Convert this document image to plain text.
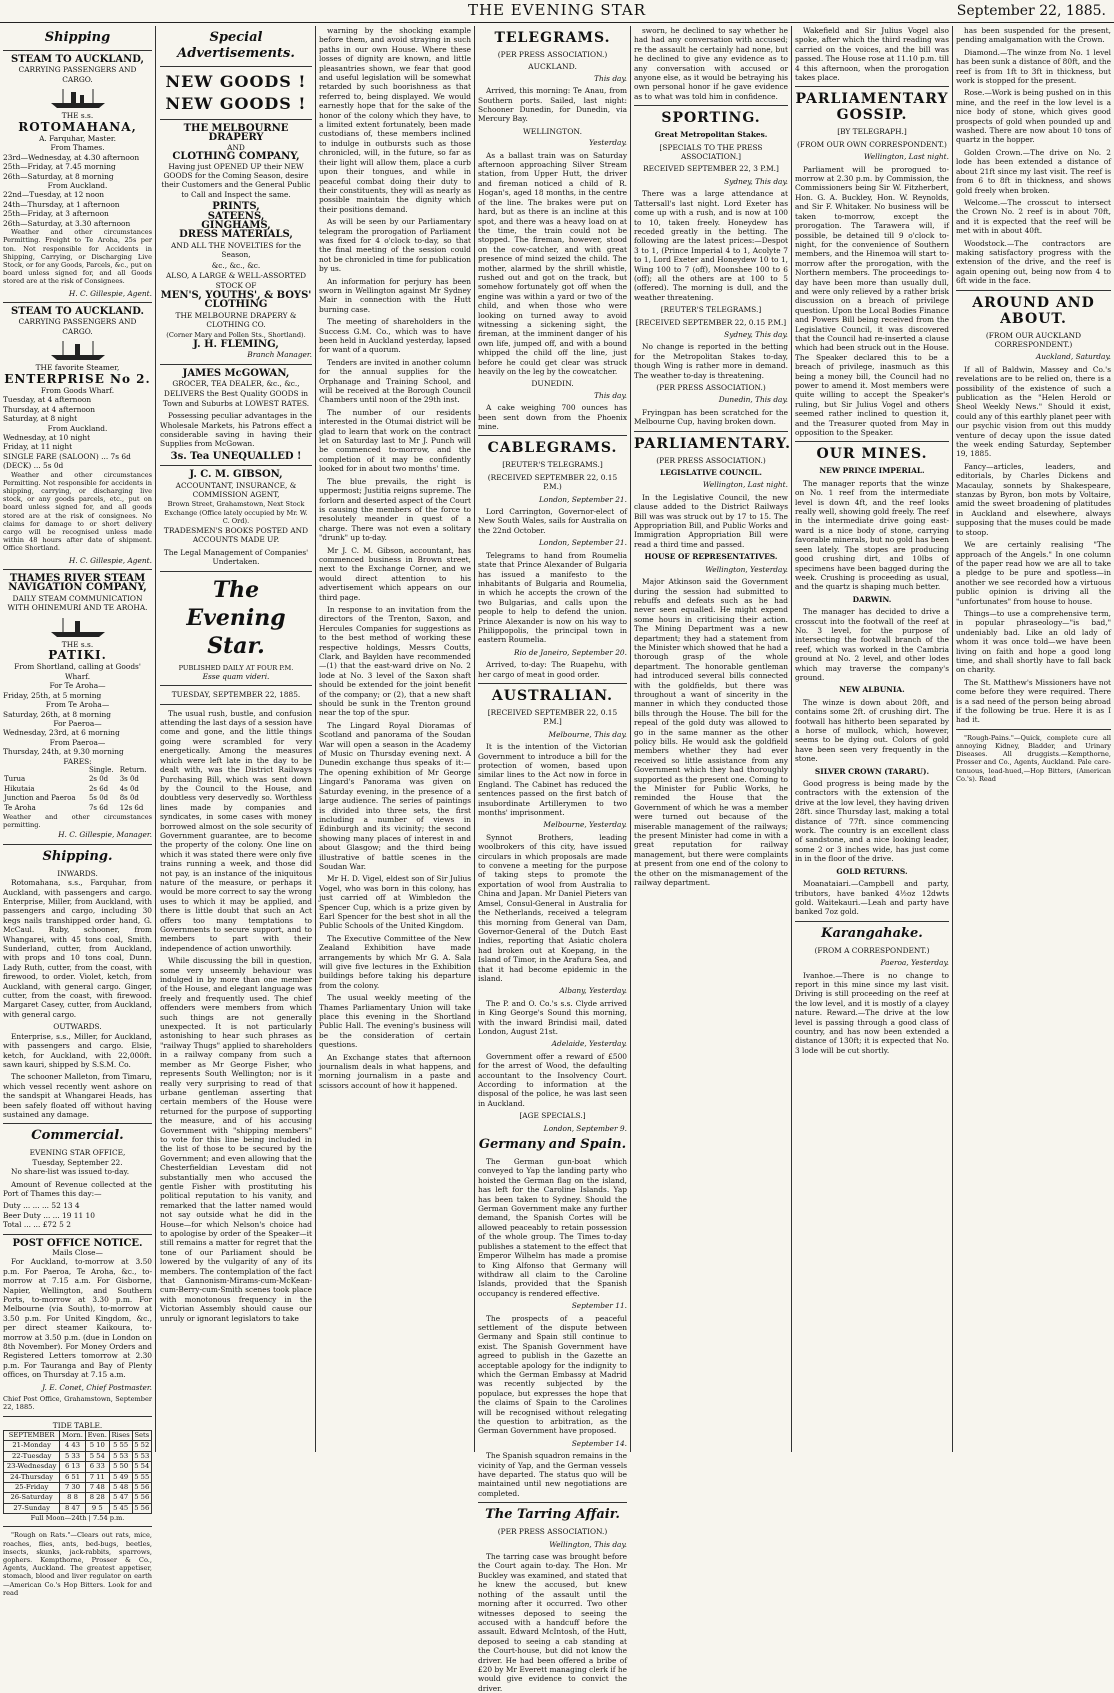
THE EVENING STAR	September 22, 1885.
Shipping
STEAM TO AUCKLAND,
CARRYING PASSENGERS AND CARGO.
THE s.s.
ROTOMAHANA,
A. Farquhar, Master.
From Thames.
23rd—Wednesday, at 4.30 afternoon
25th—Friday, at 7.45 morning
26th—Saturday, at 8 morning
From Auckland.
22nd—Tuesday, at 12 noon
24th—Thursday, at 1 afternoon
25th—Friday, at 3 afternoon
26th—Saturday, at 3.30 afternoon

Weather and other circumstances Permitting. Freight to Te Aroha, 25s per ton. Not responsible for Accidents in Shipping, Carrying, or Discharging Live Stock, or for any Goods, Parcels, &c., put on board unless signed for, and all Goods stored are at the risk of Consignees.

H. C. Gillespie, Agent.
STEAM TO AUCKLAND.
CARRYING PASSENGERS AND CARGO.
THE favorite Steamer,
ENTERPRISE No 2.
From Goods Wharf.
Tuesday, at 4 afternoon
Thursday, at 4 afternoon
Saturday, at 8 night
From Auckland.
Wednesday, at 10 night
Friday, at 11 night
SINGLE FARE (SALOON) ... 7s 6d
(DECK) ... 5s 0d

Weather and other circumstances Permitting. Not responsible for accidents in shipping, carrying, or discharging live stock, or any goods parcels, etc., put on board unless signed for, and all goods stored are at the risk of consignees. No claims for damage to or short delivery cargo will be recognised unless made within 48 hours after date of shipment. Office Shortland.

H. C. Gillespie, Agent.
THAMES RIVER STEAM NAVIGATION COMPANY,
DAILY STEAM COMMUNICATION WITH OHINEMURI AND TE AROHA.
THE s.s.
PATIKI.
From Shortland, calling at Goods' Wharf.
For Te Aroha—
Friday, 25th, at 5 morning
From Te Aroha—
Saturday, 26th, at 8 morning
For Paeroa—
Wednesday, 23rd, at 6 morning
From Paeroa—
Thursday, 24th, at 9.30 morning
FARES:
	Single.	Return.
Turua	2s 0d	3s 0d
Hikutaia	2s 6d	4s 0d
Junction and Paeroa	5s 0d	8s 0d
Te Aroha	7s 6d	12s 6d
Weather and other circumstances permitting.
H. C. Gillespie, Manager.
Shipping.
INWARDS.

Rotomahana, s.s., Farquhar, from Auckland, with passengers and cargo. Enterprise, Miller, from Auckland, with passengers and cargo, including 30 kegs nails transhipped order hand, G. McCaul. Ruby, schooner, from Whangarei, with 45 tons coal, Smith. Sunderland, cutter, from Auckland, with props and 10 tons coal, Dunn. Lady Ruth, cutter, from the coast, with firewood, to order. Violet, ketch, from Auckland, with general cargo. Ginger, cutter, from the coast, with firewood. Margaret Casey, cutter, from Auckland, with general cargo.

OUTWARDS.

Enterprise, s.s., Miller, for Auckland, with passengers and cargo. Elsie, ketch, for Auckland, with 22,000ft. sawn kauri, shipped by S.S.M. Co.

The schooner Malleton, from Timaru, which vessel recently went ashore on the sandspit at Whangarei Heads, has been safely floated off without having sustained any damage.

Commercial.
EVENING STAR OFFICE,
Tuesday, September 22.

No share-list was issued to-day.

Amount of Revenue collected at the Port of Thames this day:—

Duty ... ... ... 52 13 4
Beer Duty ... ... 19 11 10
Total ... ... £72 5 2
POST OFFICE NOTICE.
Mails Close—

For Auckland, to-morrow at 3.50 p.m. For Paeroa, Te Aroha, &c., to-morrow at 7.15 a.m. For Gisborne, Napier, Wellington, and Southern Ports, to-morrow at 3.30 p.m. For Melbourne (via South), to-morrow at 3.50 p.m. For United Kingdom, &c., per direct steamer Kaikoura, to-morrow at 3.50 p.m. (due in London on 8th November). For Money Orders and Registered Letters tomorrow at 2.30 p.m. For Tauranga and Bay of Plenty offices, on Thursday at 7.15 a.m.

J. E. Conet, Chief Postmaster.
Chief Post Office, Grahamstown, September 22, 1885.
TIDE TABLE.
SEPTEMBER	Morn.	Even.	Rises	Sets
21-Monday	4 43	5 10	5 55	5 52
22-Tuesday	5 33	5 54	5 53	5 53
23-Wednesday	6 13	6 33	5 50	5 54
24-Thursday	6 51	7 11	5 49	5 55
25-Friday	7 30	7 48	5 48	5 56
26-Saturday	8 8	8 28	5 47	5 56
27-Sunday	8 47	9 5	5 45	5 56
Full Moon—24th | 7.54 p.m.

"Rough on Rats."—Clears out rats, mice, roaches, flies, ants, bed-bugs, beetles, insects, skunks, jack-rabbits, sparrows, gophers. Kempthorne, Prosser & Co., Agents, Auckland. The greatest appetiser, stomach, blood and liver regulator on earth—American Co.'s Hop Bitters. Look for and read

Special Advertisements.
NEW GOODS ! NEW GOODS !
THE MELBOURNE DRAPERY
AND
CLOTHING COMPANY,

Having just OPENED UP their NEW GOODS for the Coming Season, desire their Customers and the General Public to Call and Inspect the same.

PRINTS,
SATEENS,
GINGHAMS,
DRESS MATERIALS,
AND ALL THE NOVELTIES for the Season,
&c., &c., &c.
ALSO, A LARGE & WELL-ASSORTED STOCK OF
MEN'S, YOUTHS', & BOYS' CLOTHING
THE MELBOURNE DRAPERY & CLOTHING CO.
(Corner Mary and Pollen Sts., Shortland).
J. H. FLEMING,
Branch Manager.
JAMES McGOWAN,
GROCER, TEA DEALER, &c., &c.,

DELIVERS the Best Quality GOODS in Town and Suburbs at LOWEST RATES.

Possessing peculiar advantages in the Wholesale Markets, his Patrons effect a considerable saving in having their Supplies from McGowan.

3s. Tea UNEQUALLED !
J. C. M. GIBSON,
ACCOUNTANT, INSURANCE, & COMMISSION AGENT,
Brown Street, Grahamstown, Next Stock Exchange (Office lately occupied by Mr. W. C. Ord).

TRADESMEN'S BOOKS POSTED AND ACCOUNTS MADE UP.

The Legal Management of Companies' Undertaken.
The Evening Star.
PUBLISHED DAILY AT FOUR P.M.
Esse quam videri.
TUESDAY, SEPTEMBER 22, 1885.

The usual rush, bustle, and confusion attending the last days of a session have come and gone, and the little things going were scrambled for very energetically. Among the measures which were left late in the day to be dealt with, was the District Railways Purchasing Bill, which was sent down by the Council to the House, and doubtless very deservedly so. Worthless lines made by companies and syndicates, in some cases with money borrowed almost on the sole security of Government guarantee, are to become the property of the colony. One line on which it was stated there were only five trains running a week, and those did not pay, is an instance of the iniquitous nature of the measure, or perhaps it would be more correct to say the wrong uses to which it may be applied, and there is little doubt that such an Act offers too many temptations to Governments to secure support, and to members to part with their independence of action unworthily.

While discussing the bill in question, some very unseemly behaviour was indulged in by more than one member of the House, and elegant language was freely and frequently used. The chief offenders were members from which such things are not generally unexpected. It is not particularly astonishing to hear such phrases as "railway Thugs" applied to shareholders in a railway company from such a member as Mr George Fisher, who represents South Wellington; nor is it really very surprising to read of that urbane gentleman asserting that certain members of the House were returned for the purpose of supporting the measure, and of his accusing Government with "shipping members" to vote for this line being included in the list of those to be secured by the Government; and even allowing that the Chesterfieldian Levestam did not substantially men who accused the gentle Fisher with prostituting his political reputation to his vanity, and remarked that the latter named would not say outside what he did in the House—for which Nelson's choice had to apologise by order of the Speaker—it still remains a matter for regret that the tone of our Parliament should be lowered by the vulgarity of any of its members. The contemplation of the fact that Gannonism-Mirams-cum-McKean-cum-Berry-cum-Smith scenes took place with monotonous frequency in the Victorian Assembly should cause our unruly or ignorant legislators to take

warning by the shocking example before them, and avoid straying in such paths in our own House. Where these losses of dignity are known, and little pleasantries shown, we fear that good and useful legislation will be somewhat retarded by such boorishness as that referred to, being displayed. We would earnestly hope that for the sake of the honor of the colony which they have, to a limited extent fortunately, been made custodians of, these members inclined to indulge in outbursts such as those chronicled, will, in the future, so far as their light will allow them, place a curb upon their tongues, and while in peaceful combat doing their duty to their constituents, they will as nearly as possible maintain the dignity which their positions demand.

As will be seen by our Parliamentary telegram the prorogation of Parliament was fixed for 4 o'clock to-day, so that the final meeting of the session could not be chronicled in time for publication by us.

An information for perjury has been sworn in Wellington against Mr Sydney Mair in connection with the Hutt burning case.

The meeting of shareholders in the Success G.M. Co., which was to have been held in Auckland yesterday, lapsed for want of a quorum.

Tenders are invited in another column for the annual supplies for the Orphanage and Training School, and will be received at the Borough Council Chambers until noon of the 29th inst.

The number of our residents interested in the Otumai district will be glad to learn that work on the contract let on Saturday last to Mr J. Punch will be commenced to-morrow, and the completion of it may be confidently looked for in about two months' time.

The blue prevails, the right is uppermost; Justitia reigns supreme. The forlorn and deserted aspect of the Court is causing the members of the force to resolutely meander in quest of a charge. There was not even a solitary "drunk" up to-day.

Mr J. C. M. Gibson, accountant, has commenced business in Brown street, next to the Exchange Corner, and we would direct attention to his advertisement which appears on our third page.

In response to an invitation from the directors of the Trenton, Saxon, and Hercules Companies for suggestions as to the best method of working these respective holdings, Messrs Coutts, Clark, and Baylden have recommended—(1) that the east-ward drive on No. 2 lode at No. 3 level of the Saxon shaft should be extended for the joint benefit of the company; or (2), that a new shaft should be sunk in the Trenton ground near the top of the spur.

The Lingard Royal Dioramas of Scotland and panorama of the Soudan War will open a season in the Academy of Music on Thursday evening next. A Dunedin exchange thus speaks of it:—The opening exhibition of Mr George Lingard's Panorama was given on Saturday evening, in the presence of a large audience. The series of paintings is divided into three sets, the first including a number of views in Edinburgh and its vicinity; the second showing many places of interest in and about Glasgow; and the third being illustrative of battle scenes in the Soudan War.

Mr H. D. Vigel, eldest son of Sir Julius Vogel, who was born in this colony, has just carried off at Wimbledon the Spencer Cup, which is a prize given by Earl Spencer for the best shot in all the Public Schools of the United Kingdom.

The Executive Committee of the New Zealand Exhibition have made arrangements by which Mr G. A. Sala will give five lectures in the Exhibition buildings before taking his departure from the colony.

The usual weekly meeting of the Thames Parliamentary Union will take place this evening in the Shortland Public Hall. The evening's business will be the consideration of certain questions.

An Exchange states that afternoon journalism deals in what happens, and morning journalism in a paste and scissors account of how it happened.

TELEGRAMS.
(PER PRESS ASSOCIATION.)
AUCKLAND.
This day.

Arrived, this morning: Te Anau, from Southern ports. Sailed, last night: Schooner Dunedin, for Dunedin, via Mercury Bay.

WELLINGTON.
Yesterday.

As a ballast train was on Saturday afternoon approaching Silver Stream station, from Upper Hutt, the driver and fireman noticed a child of R. Hogan's, aged 18 months, in the centre of the line. The brakes were put on hard, but as there is an incline at this spot, and there was a heavy load on at the time, the train could not be stopped. The fireman, however, stood on the cow-catcher, and with great presence of mind seized the child. The mother, alarmed by the shrill whistle, rushed out and got on the track, but somehow fortunately got off when the engine was within a yard or two of the child, and when those who were looking on turned away to avoid witnessing a sickening sight, the fireman, at the imminent danger of his own life, jumped off, and with a bound whipped the child off the line, just before he could get clear was struck heavily on the leg by the cowcatcher.

DUNEDIN.
This day.

A cake weighing 700 ounces has been sent down from the Phoenix mine.

CABLEGRAMS.
[REUTER'S TELEGRAMS.]
(RECEIVED SEPTEMBER 22, 0.15 P.M.)
London, September 21.

Lord Carrington, Governor-elect of New South Wales, sails for Australia on the 22nd October.

London, September 21.

Telegrams to hand from Roumelia state that Prince Alexander of Bulgaria has issued a manifesto to the inhabitants of Bulgaria and Roumelia, in which he accepts the crown of the two Bulgarias, and calls upon the people to help to defend the union. Prince Alexander is now on his way to Philippopolis, the principal town in eastern Roumelia.

Rio de Janeiro, September 20.

Arrived, to-day: The Ruapehu, with her cargo of meat in good order.

AUSTRALIAN.
[RECEIVED SEPTEMBER 22, 0.15 P.M.]
Melbourne, This day.

It is the intention of the Victorian Government to introduce a bill for the protection of women, based upon similar lines to the Act now in force in England. The Cabinet has reduced the sentences passed on the first batch of insubordinate Artillerymen to two months' imprisonment.

Melbourne, Yesterday.

Synnot Brothers, leading woolbrokers of this city, have issued circulars in which proposals are made to convene a meeting for the purpose of taking steps to promote the exportation of wool from Australia to China and Japan. Mr Daniel Pieters van Amsel, Consul-General in Australia for the Netherlands, received a telegram this morning from General van Dam, Governor-General of the Dutch East Indies, reporting that Asiatic cholera had broken out at Koepang, in the Island of Timor, in the Arafura Sea, and that it had become epidemic in the island.

Albany, Yesterday.

The P. and O. Co.'s s.s. Clyde arrived in King George's Sound this morning, with the inward Brindisi mail, dated London, August 21st.

Adelaide, Yesterday.

Government offer a reward of £500 for the arrest of Wood, the defaulting accountant to the Insolvency Court. According to information at the disposal of the police, he was last seen in Auckland.

[AGE SPECIALS.]
London, September 9.
Germany and Spain.

The German gun-boat which conveyed to Yap the landing party who hoisted the German flag on the island, has left for the Caroline Islands. Yap has been taken to Sydney. Should the German Government make any further demand, the Spanish Cortes will be allowed peaceably to retain possession of the whole group. The Times to-day publishes a statement to the effect that Emperor Wilhelm has made a promise to King Alfonso that Germany will withdraw all claim to the Caroline Islands, provided that the Spanish occupancy is rendered effective.

September 11.

The prospects of a peaceful settlement of the dispute between Germany and Spain still continue to exist. The Spanish Government have agreed to publish in the Gazette an acceptable apology for the indignity to which the German Embassy at Madrid was recently subjected by the populace, but expresses the hope that the claims of Spain to the Carolines will be recognised without relegating the question to arbitration, as the German Government have proposed.

September 14.

The Spanish squadron remains in the vicinity of Yap, and the German vessels have departed. The status quo will be maintained until new negotiations are completed.

The Tarring Affair.
(PER PRESS ASSOCIATION.)
Wellington, This day.

The tarring case was brought before the Court again to-day. The Hon. Mr Buckley was examined, and stated that he knew the accused, but knew nothing of the assault until the morning after it occurred. Two other witnesses deposed to seeing the accused with a handcuff before the assault. Edward McIntosh, of the Hutt, deposed to seeing a cab standing at the Court-house, but did not know the driver. He had been offered a bribe of £20 by Mr Everett managing clerk if he would give evidence to convict the driver.

sworn, he declined to say whether he had had any conversation with accused; re the assault he certainly had none, but he declined to give any evidence as to any conversation with accused or anyone else, as it would be betraying his own personal honor if he gave evidence as to what was told him in confidence.

SPORTING.
Great Metropolitan Stakes.
[SPECIALS TO THE PRESS ASSOCIATION.]
RECEIVED SEPTEMBER 22, 3 P.M.]
Sydney, This day.

There was a large attendance at Tattersall's last night. Lord Exeter has come up with a rush, and is now at 100 to 10, taken freely. Honeydew has receded greatly in the betting. The following are the latest prices:—Despot 3 to 1, (Prince Imperial 4 to 1, Acolyte 7 to 1, Lord Exeter and Honeydew 10 to 1, Wing 100 to 7 (off), Moonshee 100 to 6 (off); all the others are at 100 to 5 (offered). The morning is dull, and the weather threatening.

[REUTER'S TELEGRAMS.]
[RECEIVED SEPTEMBER 22, 0.15 P.M.]
Sydney, This day.

No change is reported in the betting for the Metropolitan Stakes to-day, though Wing is rather more in demand. The weather to-day is threatening.

(PER PRESS ASSOCIATION.)
Dunedin, This day.

Fryingpan has been scratched for the Melbourne Cup, having broken down.

PARLIAMENTARY.
(PER PRESS ASSOCIATION.)
LEGISLATIVE COUNCIL.
Wellington, Last night.

In the Legislative Council, the new clause added to the District Railways Bill was was struck out by 17 to 15. The Appropriation Bill, and Public Works and Immigration Appropriation Bill were read a third time and passed.

HOUSE OF REPRESENTATIVES.
Wellington, Yesterday.

Major Atkinson said the Government during the session had submitted to rebuffs and defeats such as he had never seen equalled. He might expend some hours in criticising their action. The Mining Department was a new department; they had a statement from the Minister which showed that he had a thorough grasp of the whole department. The honorable gentleman had introduced several bills connected with the goldfields, but there was throughout a want of sincerity in the manner in which they conducted those bills through the House. The bill for the repeal of the gold duty was allowed to go in the same manner as the other policy bills. He would ask the goldfield members whether they had ever received so little assistance from any Government which they had thoroughly supported as the present one. Coming to the Minister for Public Works, he reminded the House that the Government of which he was a member were turned out because of the miserable management of the railways; the present Minister had come in with a great reputation for railway management, but there were complaints at present from one end of the colony to the other on the mismanagement of the railway department.

Wakefield and Sir Julius Vogel also spoke, after which the third reading was carried on the voices, and the bill was passed. The House rose at 11.10 p.m. till 4 this afternoon, when the prorogation takes place.

PARLIAMENTARY GOSSIP.
[BY TELEGRAPH.]
(FROM OUR OWN CORRESPONDENT.)
Wellington, Last night.

Parliament will be prorogued to-morrow at 2.30 p.m. by Commission, the Commissioners being Sir W. Fitzherbert, Hon. G. A. Buckley, Hon. W. Reynolds, and Sir F. Whitaker. No business will be taken to-morrow, except the prorogation. The Tarawera will, if possible, be detained till 9 o'clock to-night, for the convenience of Southern members, and the Hinemoa will start to-morrow after the prorogation, with the Northern members. The proceedings to-day have been more than usually dull, and were only relieved by a rather brisk discussion on a breach of privilege question. Upon the Local Bodies Finance and Powers Bill being received from the Legislative Council, it was discovered that the Council had re-inserted a clause which had been struck out in the House. The Speaker declared this to be a breach of privilege, inasmuch as this being a money bill, the Council had no power to amend it. Most members were quite willing to accept the Speaker's ruling, but Sir Julius Vogel and others seemed rather inclined to question it, and the Treasurer quoted from May in opposition to the Speaker.

OUR MINES.
NEW PRINCE IMPERIAL.

The manager reports that the winze on No. 1 reef from the intermediate level is down 4ft, and the reef looks really well, showing gold freely. The reef in the intermediate drive going east-ward is a nice body of stone, carrying favorable minerals, but no gold has been seen lately. The stopes are producing good crushing dirt, and 10lbs of specimens have been bagged during the week. Crushing is proceeding as usual, and the quartz is shaping much better.

DARWIN.

The manager has decided to drive a crosscut into the footwall of the reef at No. 3 level, for the purpose of intersecting the footwall branch of the reef, which was worked in the Cambria ground at No. 2 level, and other lodes which may traverse the company's ground.

NEW ALBUNIA.

The winze is down about 20ft, and contains some 2ft. of crushing dirt. The footwall has hitherto been separated by a horse of mullock, which, however, seems to be dying out. Colors of gold have been seen very frequently in the stone.

SILVER CROWN (TARARU).

Good progress is being made by the contractors with the extension of the drive at the low level, they having driven 28ft. since Thursday last, making a total distance of 77ft. since commencing work. The country is an excellent class of sandstone, and a nice looking leader, some 2 or 3 inches wide, has just come in in the floor of the drive.

GOLD RETURNS.

Moanataiari.—Campbell and party, tributors, have banked 4½oz 12dwts gold. Waitekauri.—Leah and party have banked 7oz gold.

Karangahake.
(FROM A CORRESPONDENT.)
Paeroa, Yesterday.

Ivanhoe.—There is no change to report in this mine since my last visit. Driving is still proceeding on the reef at the low level, and it is mostly of a clayey nature. Reward.—The drive at the low level is passing through a good class of country, and has now been extended a distance of 130ft; it is expected that No. 3 lode will be cut shortly.

has been suspended for the present, pending amalgamation with the Crown.

Diamond.—The winze from No. 1 level has been sunk a distance of 80ft, and the reef is from 1ft to 3ft in thickness, but work is stopped for the present.

Rose.—Work is being pushed on in this mine, and the reef in the low level is a nice body of stone, which gives good prospects of gold when pounded up and washed. There are now about 10 tons of quartz in the hopper.

Golden Crown.—The drive on No. 2 lode has been extended a distance of about 21ft since my last visit. The reef is from 6 to 8ft in thickness, and shows gold freely when broken.

Welcome.—The crosscut to intersect the Crown No. 2 reef is in about 70ft, and it is expected that the reef will be met with in about 40ft.

Woodstock.—The contractors are making satisfactory progress with the extension of the drive, and the reef is again opening out, being now from 4 to 6ft wide in the face.

AROUND AND ABOUT.
(FROM OUR AUCKLAND CORRESPONDENT.)
Auckland, Saturday.

If all of Baldwin, Massey and Co.'s revelations are to be relied on, there is a possibility of the existence of such a publication as the "Helen Herold or Sheol Weekly News." Should it exist, could any of this earthly planet peer with our psychic vision from out this muddy venture of decay upon the issue dated the week ending Saturday, September 19, 1885.

Fancy—articles, leaders, and editorials, by Charles Dickens and Macaulay, sonnets by Shakespeare, stanzas by Byron, bon mots by Voltaire, amid the sweet broadening of platitudes in Auckland and elsewhere, always supposing that the muses could be made to stoop.

We are certainly realising "The approach of the Angels." In one column of the paper read how we are all to take a pledge to be pure and spotless—in another we see recorded how a virtuous public opinion is driving all the "unfortunates" from house to house.

Things—to use a comprehensive term, in popular phraseology—"is bad," undeniably bad. Like an old lady of whom it was once told—we have been living on faith and hope a good long time, and shall shortly have to fall back on charity.

The St. Matthew's Missioners have not come before they were required. There is a sad need of the person being abroad if the following be true. Here it is as I had it.

"Rough-Pains."—Quick, complete cure all annoying Kidney, Bladder, and Urinary Diseases. All druggists.—Kempthorne, Prosser and Co., Agents, Auckland. Pale care-tenuous, lead-hued,—Hop Bitters, (American Co.'s). Read
